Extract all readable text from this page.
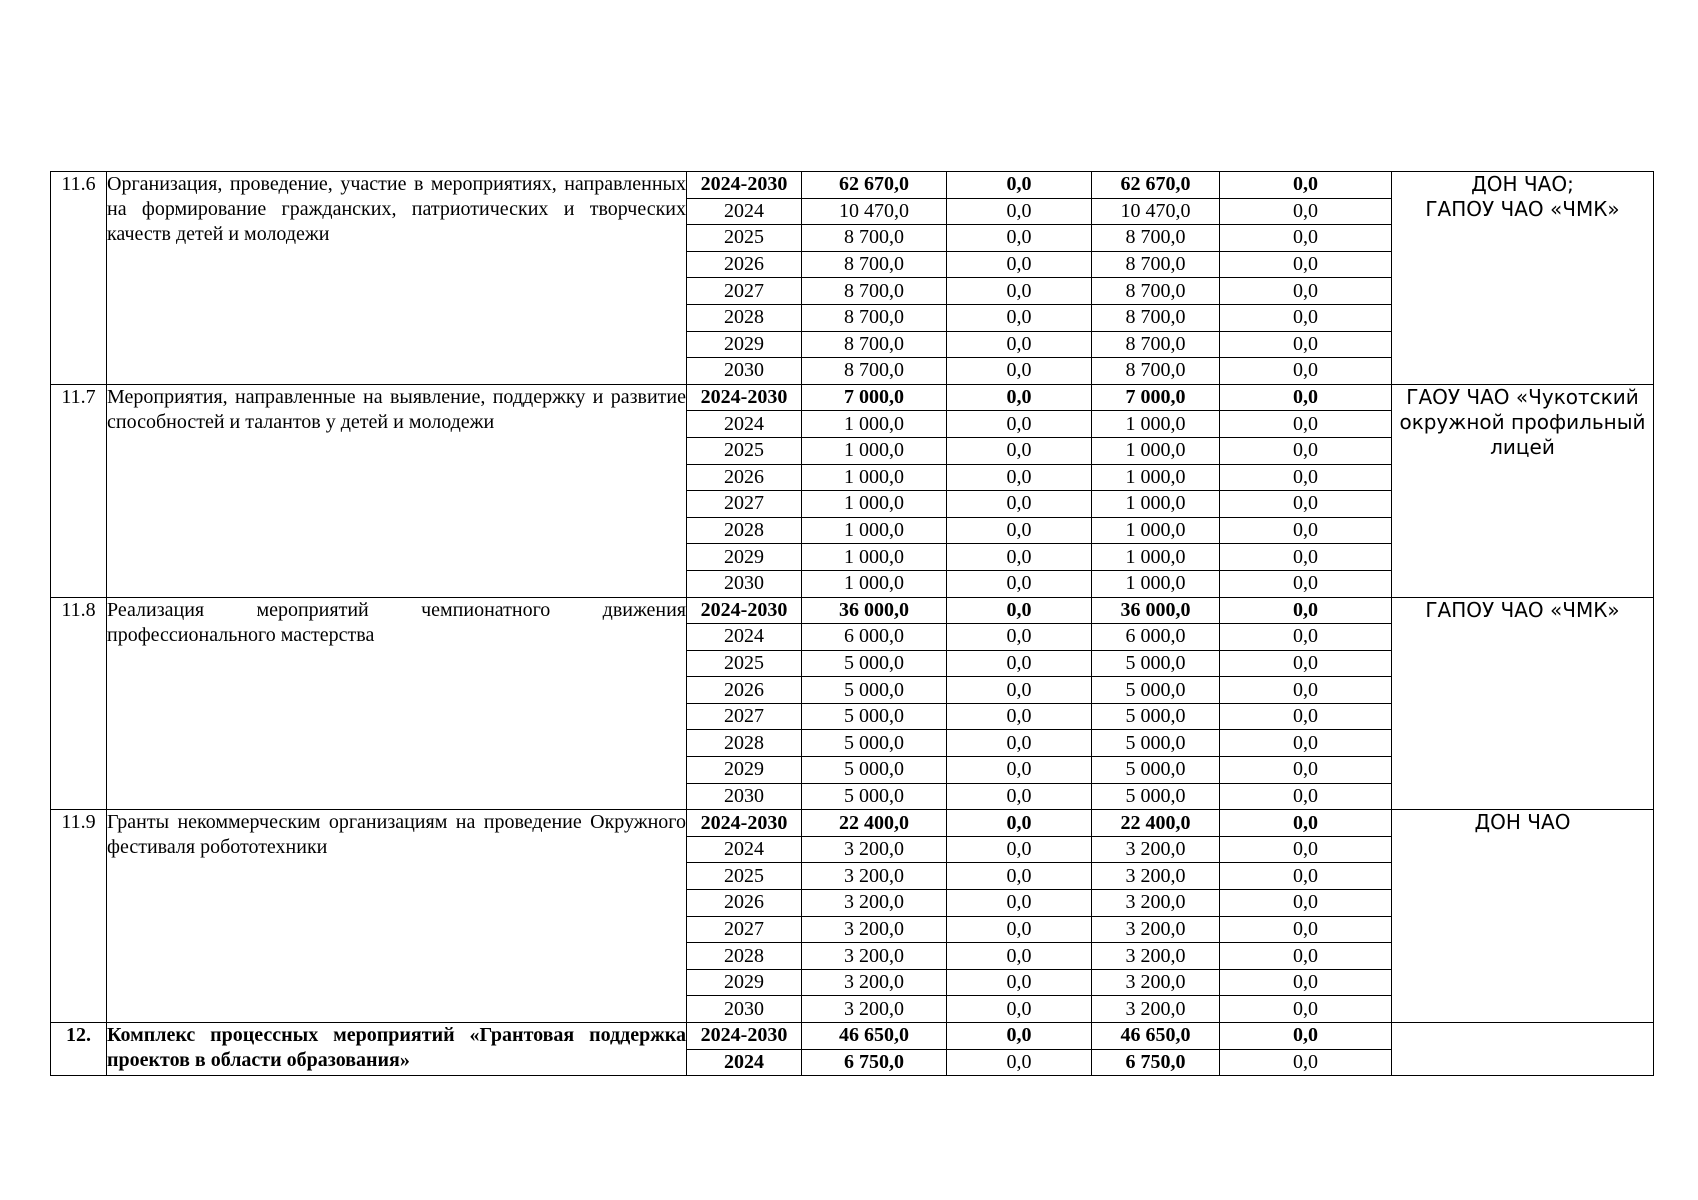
11.6	Организация, проведение, участие в мероприятиях, направленных на формирование гражданских, патриотических и творческих качеств детей и молодежи	2024-2030	62 670,0	0,0	62 670,0	0,0	ДОН ЧАО;
ГАПОУ ЧАО «ЧМК»
		2024	10 470,0	0,0	10 470,0	0,0	
		2025	8 700,0	0,0	8 700,0	0,0	
		2026	8 700,0	0,0	8 700,0	0,0	
		2027	8 700,0	0,0	8 700,0	0,0	
		2028	8 700,0	0,0	8 700,0	0,0	
		2029	8 700,0	0,0	8 700,0	0,0	
		2030	8 700,0	0,0	8 700,0	0,0	
11.7	Мероприятия, направленные на выявление, поддержку и развитие способностей и талантов у детей и молодежи	2024-2030	7 000,0	0,0	7 000,0	0,0	ГАОУ ЧАО «Чукотский окружной профильный лицей
		2024	1 000,0	0,0	1 000,0	0,0	
		2025	1 000,0	0,0	1 000,0	0,0	
		2026	1 000,0	0,0	1 000,0	0,0	
		2027	1 000,0	0,0	1 000,0	0,0	
		2028	1 000,0	0,0	1 000,0	0,0	
		2029	1 000,0	0,0	1 000,0	0,0	
		2030	1 000,0	0,0	1 000,0	0,0	
11.8	Реализация мероприятий чемпионатного движения профессионального мастерства	2024-2030	36 000,0	0,0	36 000,0	0,0	ГАПОУ ЧАО «ЧМК»
		2024	6 000,0	0,0	6 000,0	0,0	
		2025	5 000,0	0,0	5 000,0	0,0	
		2026	5 000,0	0,0	5 000,0	0,0	
		2027	5 000,0	0,0	5 000,0	0,0	
		2028	5 000,0	0,0	5 000,0	0,0	
		2029	5 000,0	0,0	5 000,0	0,0	
		2030	5 000,0	0,0	5 000,0	0,0	
11.9	Гранты некоммерческим организациям на проведение Окружного фестиваля робототехники	2024-2030	22 400,0	0,0	22 400,0	0,0	ДОН ЧАО
		2024	3 200,0	0,0	3 200,0	0,0	
		2025	3 200,0	0,0	3 200,0	0,0	
		2026	3 200,0	0,0	3 200,0	0,0	
		2027	3 200,0	0,0	3 200,0	0,0	
		2028	3 200,0	0,0	3 200,0	0,0	
		2029	3 200,0	0,0	3 200,0	0,0	
		2030	3 200,0	0,0	3 200,0	0,0	
12.	Комплекс процессных мероприятий «Грантовая поддержка проектов в области образования»	2024-2030	46 650,0	0,0	46 650,0	0,0	
		2024	6 750,0	0,0	6 750,0	0,0	
